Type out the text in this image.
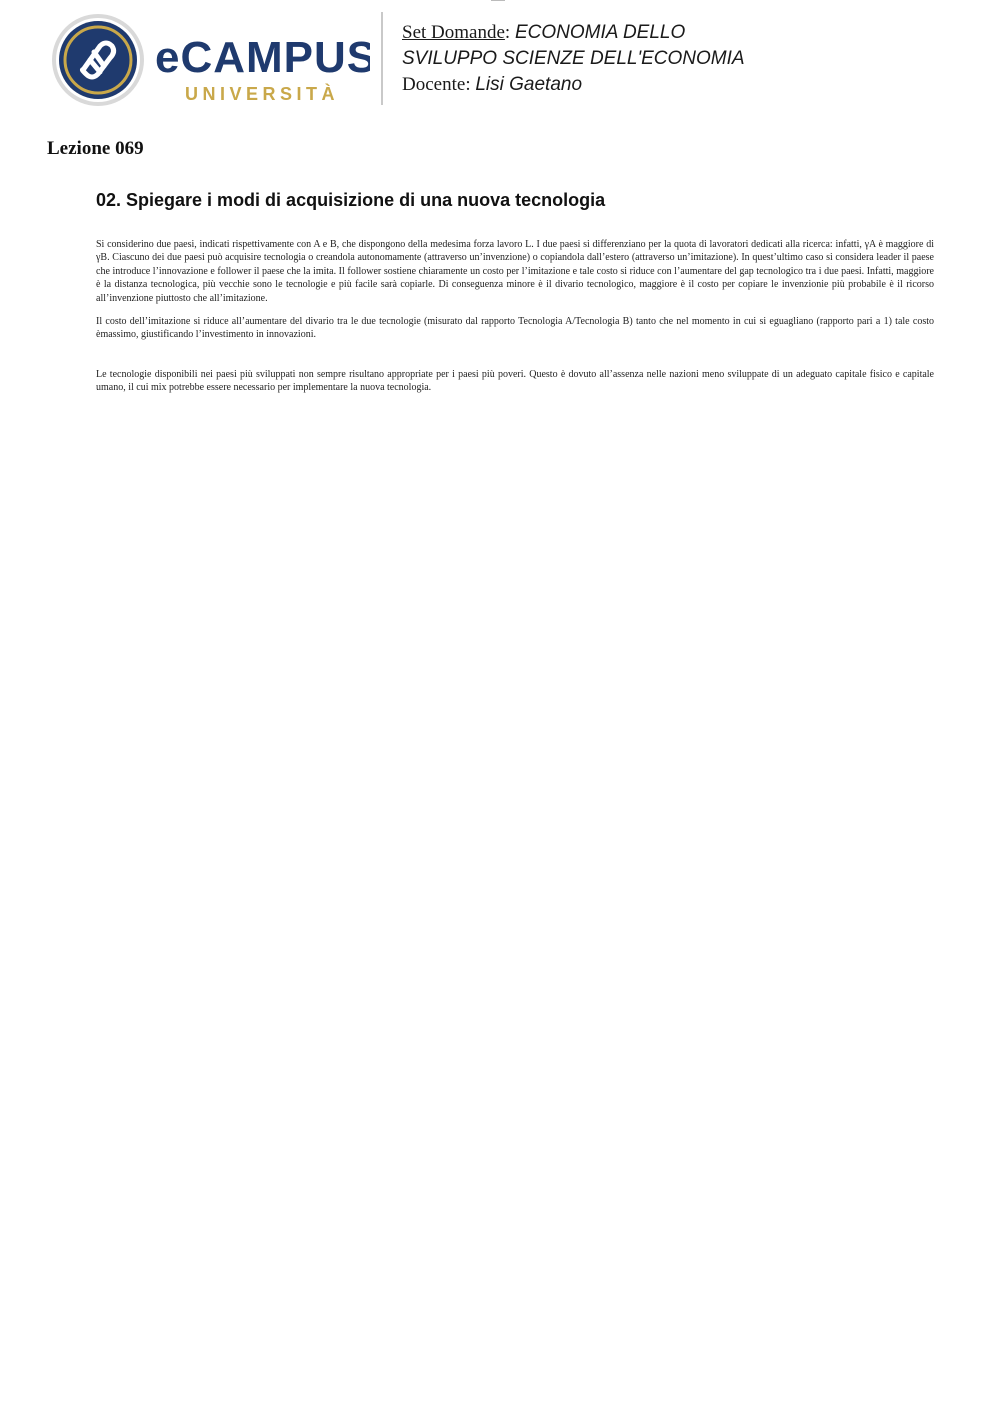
eCAMPUS
UNIVERSITÀ
Set Domande: ECONOMIA DELLO
SVILUPPO SCIENZE DELL'ECONOMIA
Docente: Lisi Gaetano
Lezione 069
02. Spiegare i modi di acquisizione di una nuova tecnologia

Si considerino due paesi, indicati rispettivamente con A e B, che dispongono della medesima forza lavoro L. I due paesi si differenziano per la quota di lavoratori dedicati alla ricerca: infatti, γA è maggiore di γB. Ciascuno dei due paesi può acquisire tecnologia o creandola autonomamente (attraverso un’invenzione) o copiandola dall’estero (attraverso un’imitazione). In quest’ultimo caso si considera leader il paese che introduce l’innovazione e follower il paese che la imita. Il follower sostiene chiaramente un costo per l’imitazione e tale costo si riduce con l’aumentare del gap tecnologico tra i due paesi. Infatti, maggiore è la distanza tecnologica, più vecchie sono le tecnologie e più facile sarà copiarle. Di conseguenza minore è il divario tecnologico, maggiore è il costo per copiare le invenzionie più probabile è il ricorso all’invenzione piuttosto che all’imitazione.

Il costo dell’imitazione si riduce all’aumentare del divario tra le due tecnologie (misurato dal rapporto Tecnologia A/Tecnologia B) tanto che nel momento in cui si eguagliano (rapporto pari a 1) tale costo èmassimo, giustificando l’investimento in innovazioni.

Le tecnologie disponibili nei paesi più sviluppati non sempre risultano appropriate per i paesi più poveri. Questo è dovuto all’assenza nelle nazioni meno sviluppate di un adeguato capitale fisico e capitale umano, il cui mix potrebbe essere necessario per implementare la nuova tecnologia.
